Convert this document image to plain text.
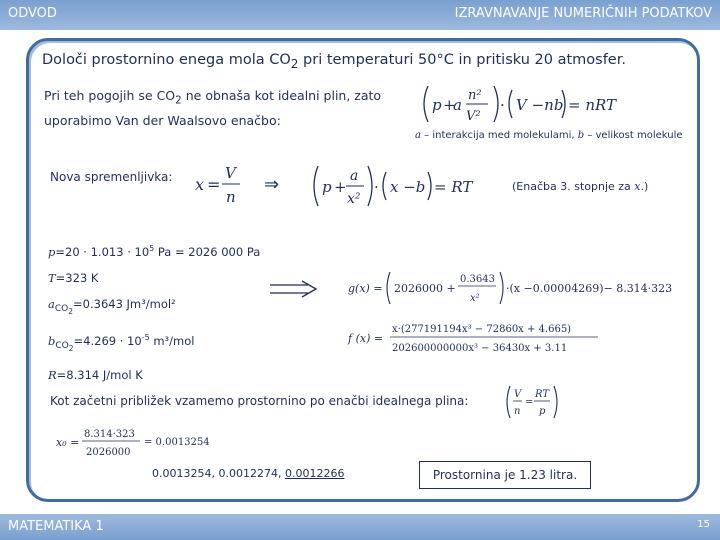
ODVOD	IZRAVNAVANJE NUMERIČNIH PODATKOV
Določi prostornino enega mola $CO_2$ pri temperaturi 50°C in pritisku 20 atmosfer.
Pri teh pogojih se $CO_2$ ne obnaša kot idealni plin, zato
uporabimo Van der Waalsovo enačbo:
p +
a
n²
V²
· V −nb = nRT
a – interakcija med molekulami, b – velikost molekule
Nova spremenljivka: x =
V
n
⇒	p +
a
x²
· x −b = RT	(Enačba 3. stopnje za x.)
$p=20 \cdot 1.013 \cdot 10^5$ Pa = 2026 000 Pa
T=323 K
$a_{CO_2}=0.3643$ Jm³/mol²
$b_{CO_2}=4.269 \cdot 10^{-5}$ m³/mol
R=8.314 J/mol K
g(x) = 2026000 +
0.3643
x²
·(x −0.00004269)− 8.314·323
f (x) =
x·(277191194x³ − 72860x + 4.665)
202600000000x³ − 36430x + 3.11
Kot začetni približek vzamemo prostornino po enačbi idealnega plina:	V
n
=
RT
p
x₀ =
8.314·323
2026000
= 0.0013254
0.0013254, 0.0012274, 0.0012266	Prostornina je 1.23 litra.
MATEMATIKA 1	15
